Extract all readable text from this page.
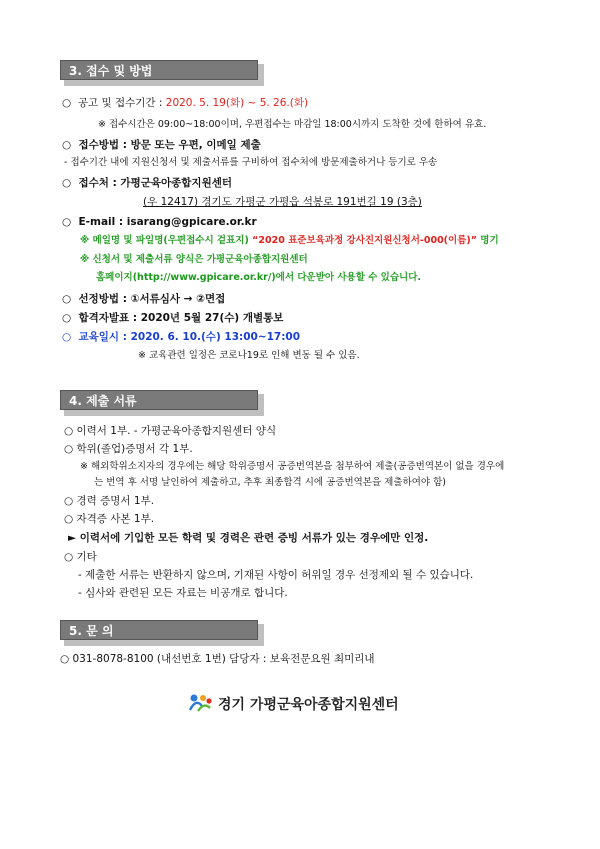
3. 접수 및 방법
○ 공고 및 접수기간 : 2020. 5. 19(화) ~ 5. 26.(화)
※ 접수시간은 09:00~18:00이며, 우편접수는 마감일 18:00시까지 도착한 것에 한하여 유효.
○ 접수방법 : 방문 또는 우편, 이메일 제출
- 접수기간 내에 지원신청서 및 제출서류를 구비하여 접수처에 방문제출하거나 등기로 우송
○ 접수처 : 가평군육아종합지원센터
(우 12417) 경기도 가평군 가평읍 석봉로 191번길 19 (3층)
○ E-mail : isarang@gpicare.or.kr
※ 메일명 및 파일명(우편접수시 겉표지) “2020 표준보육과정 강사진지원신청서-000(이름)” 명기
※ 신청서 및 제출서류 양식은 가평군육아종합지원센터
홈페이지(http://www.gpicare.or.kr/)에서 다운받아 사용할 수 있습니다.
○ 선정방법 : ①서류심사 → ②면접
○ 합격자발표 : 2020년 5월 27(수) 개별통보
○ 교육일시 : 2020. 6. 10.(수) 13:00~17:00
※ 교육관련 일정은 코로나19로 인해 변동 될 수 있음.
4. 제출 서류
○ 이력서 1부. - 가평군육아종합지원센터 양식
○ 학위(졸업)증명서 각 1부.
※ 해외학위소지자의 경우에는 해당 학위증명서 공증번역본을 첨부하여 제출(공증번역본이 없을 경우에
는 번역 후 서명 날인하여 제출하고, 추후 최종합격 시에 공증번역본을 제출하여야 함)
○ 경력 증명서 1부.
○ 자격증 사본 1부.
► 이력서에 기입한 모든 학력 및 경력은 관련 증빙 서류가 있는 경우에만 인정.
○ 기타
- 제출한 서류는 반환하지 않으며, 기재된 사항이 허위일 경우 선정제외 될 수 있습니다.
- 심사와 관련된 모든 자료는 비공개로 합니다.
5. 문 의
○ 031-8078-8100 (내선번호 1번) 담당자 : 보육전문요원 최미리내
경기 가평군육아종합지원센터
